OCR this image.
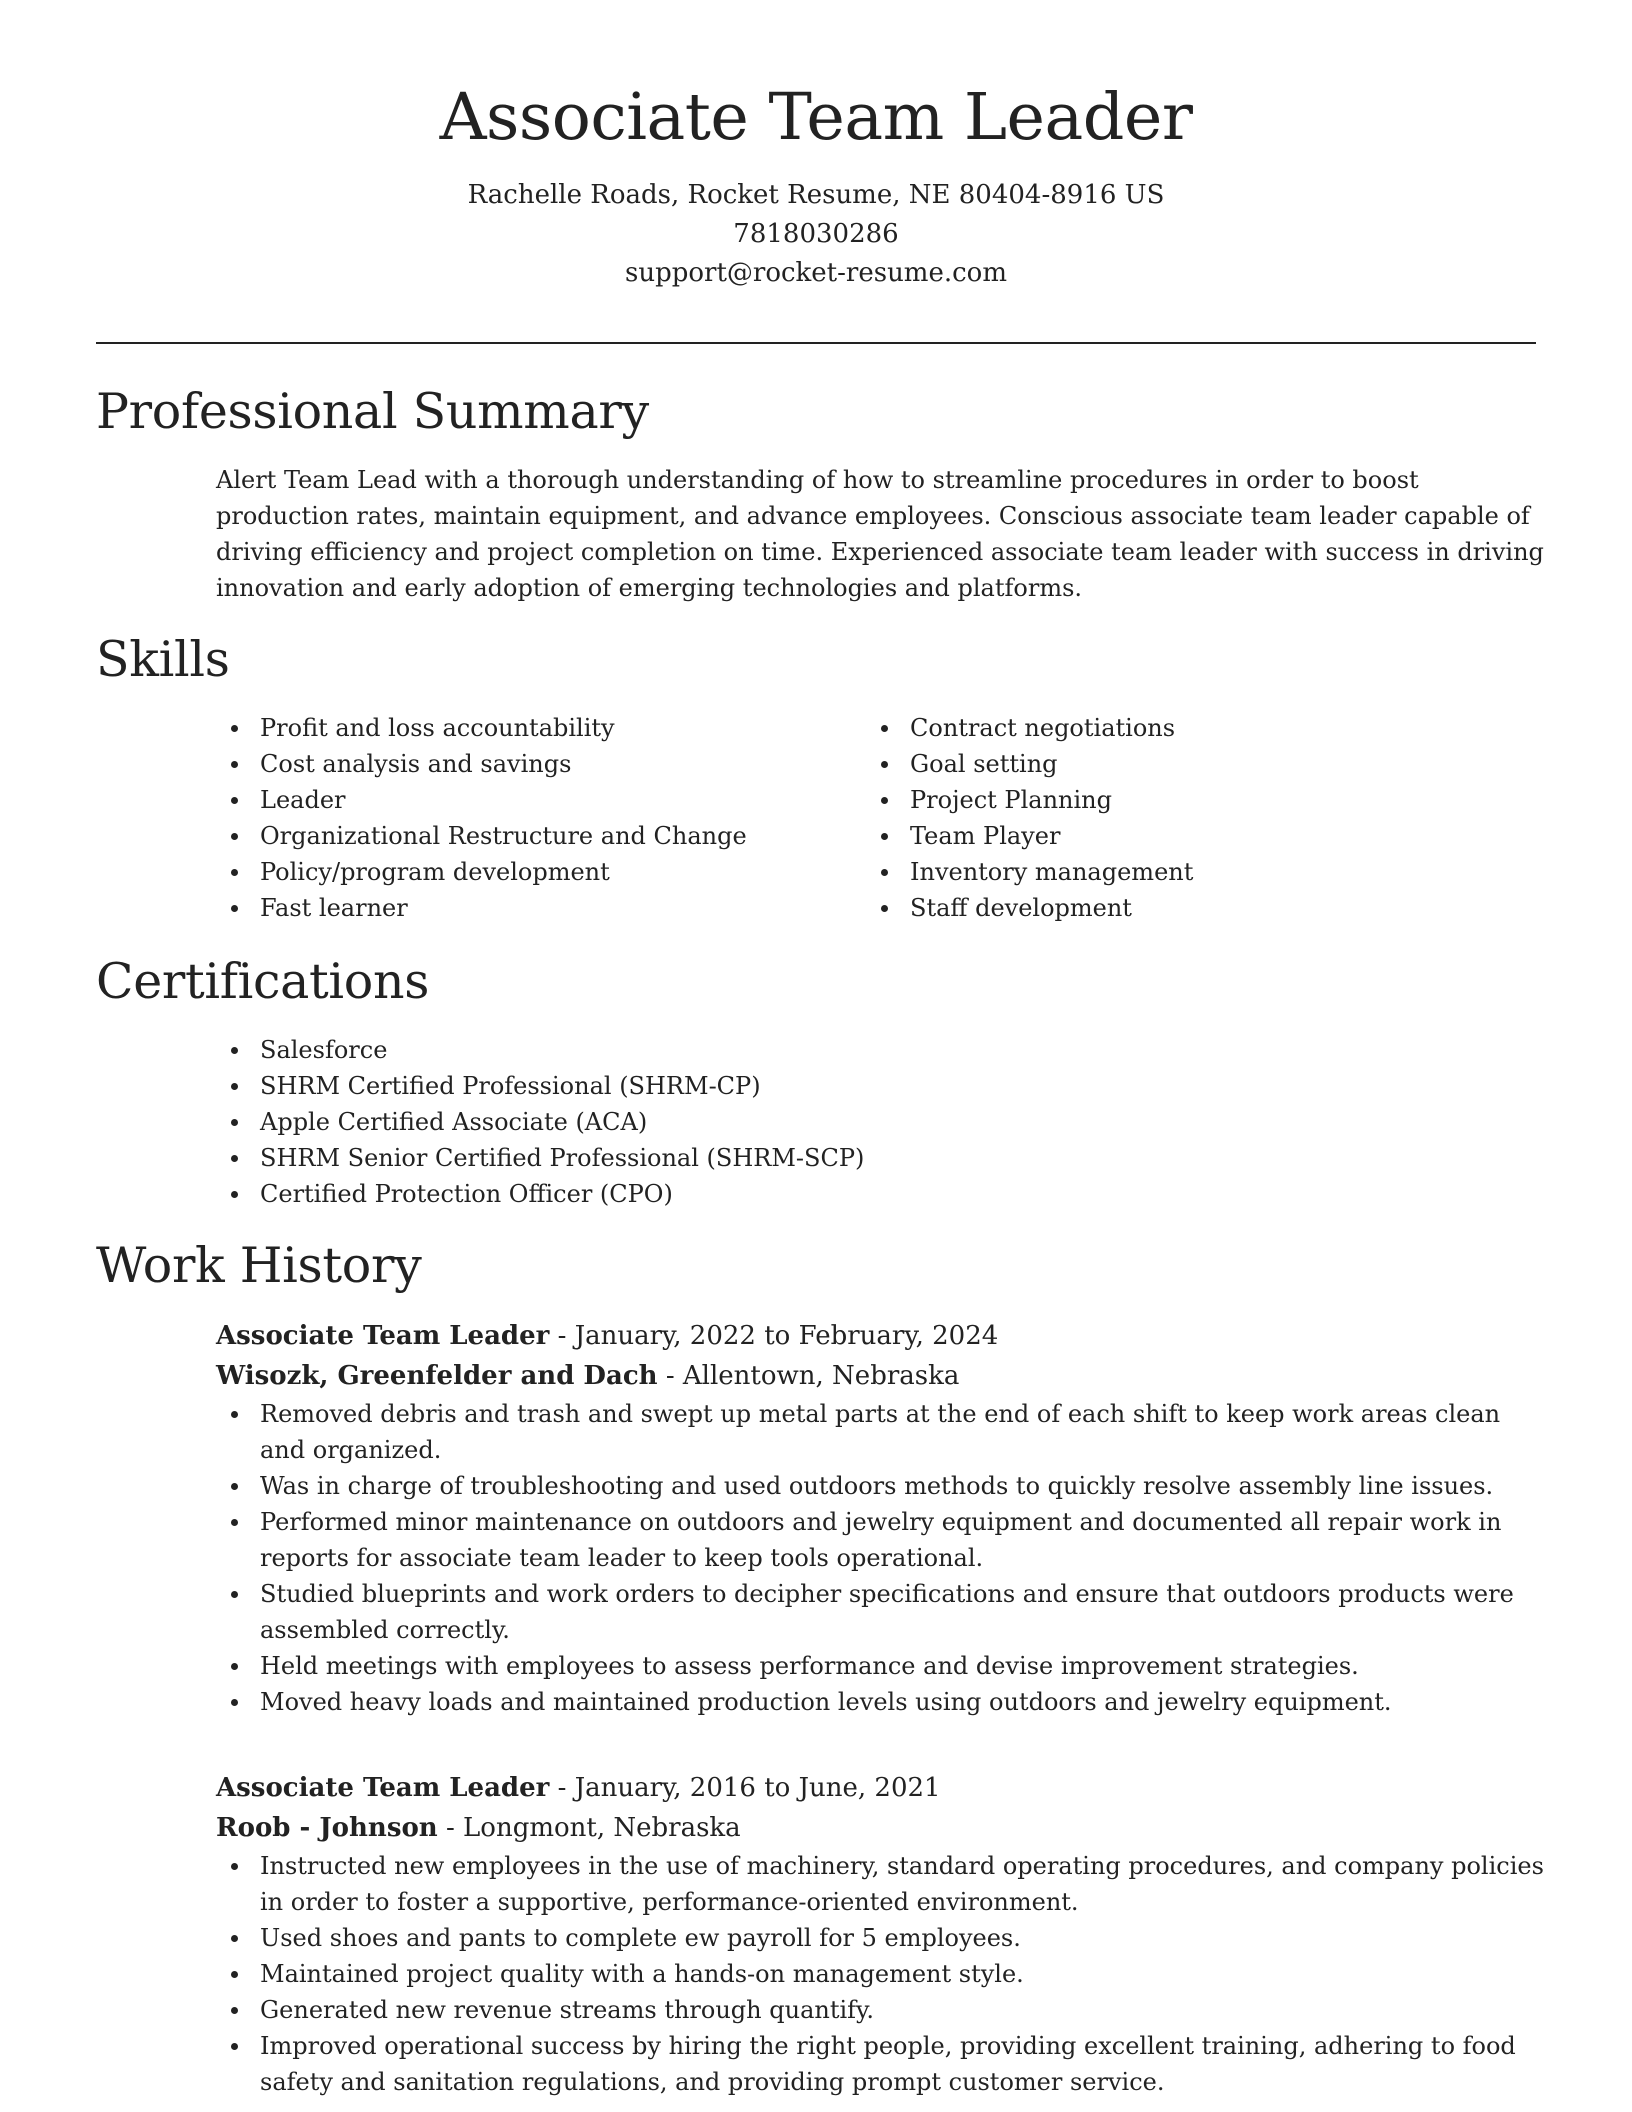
Associate Team Leader
Rachelle Roads, Rocket Resume, NE 80404-8916 US
7818030286
support@rocket-resume.com
Professional Summary

Alert Team Lead with a thorough understanding of how to streamline procedures in order to boost production rates, maintain equipment, and advance employees. Conscious associate team leader capable of driving efficiency and project completion on time. Experienced associate team leader with success in driving innovation and early adoption of emerging technologies and platforms.

Skills
Profit and loss accountability
Cost analysis and savings
Leader
Organizational Restructure and Change
Policy/program development
Fast learner
Contract negotiations
Goal setting
Project Planning
Team Player
Inventory management
Staff development
Certifications
Salesforce
SHRM Certified Professional (SHRM-CP)
Apple Certified Associate (ACA)
SHRM Senior Certified Professional (SHRM-SCP)
Certified Protection Officer (CPO)
Work History
Associate Team Leader - January, 2022 to February, 2024
Wisozk, Greenfelder and Dach - Allentown, Nebraska
Removed debris and trash and swept up metal parts at the end of each shift to keep work areas clean and organized.
Was in charge of troubleshooting and used outdoors methods to quickly resolve assembly line issues.
Performed minor maintenance on outdoors and jewelry equipment and documented all repair work in reports for associate team leader to keep tools operational.
Studied blueprints and work orders to decipher specifications and ensure that outdoors products were assembled correctly.
Held meetings with employees to assess performance and devise improvement strategies.
Moved heavy loads and maintained production levels using outdoors and jewelry equipment.
Associate Team Leader - January, 2016 to June, 2021
Roob - Johnson - Longmont, Nebraska
Instructed new employees in the use of machinery, standard operating procedures, and company policies in order to foster a supportive, performance-oriented environment.
Used shoes and pants to complete ew payroll for 5 employees.
Maintained project quality with a hands-on management style.
Generated new revenue streams through quantify.
Improved operational success by hiring the right people, providing excellent training, adhering to food safety and sanitation regulations, and providing prompt customer service.
